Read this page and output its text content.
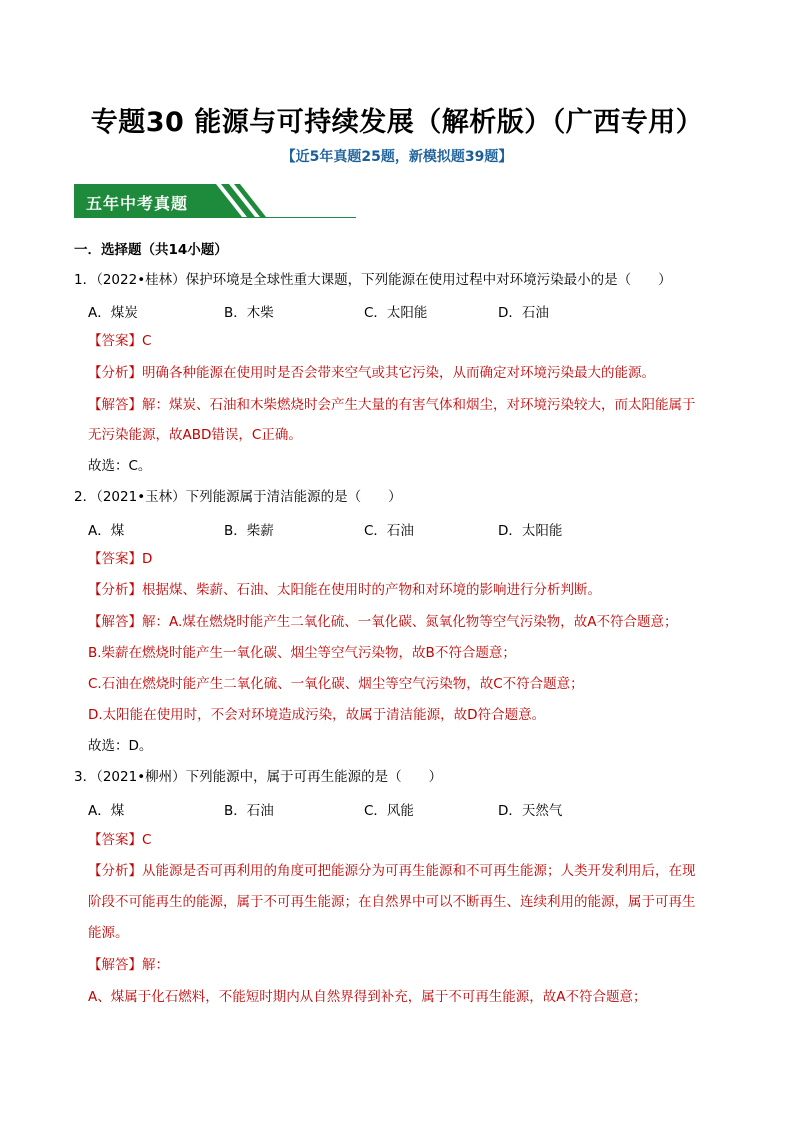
专题30 能源与可持续发展（解析版）（广西专用）
【近5年真题25题，新模拟题39题】
五年中考真题
一．选择题（共14小题）
1．（2022•桂林）保护环境是全球性重大课题，下列能源在使用过程中对环境污染最小的是（　　）
A．煤炭	B．木柴	C．太阳能	D．石油
【答案】C
【分析】明确各种能源在使用时是否会带来空气或其它污染，从而确定对环境污染最大的能源。
【解答】解：煤炭、石油和木柴燃烧时会产生大量的有害气体和烟尘，对环境污染较大，而太阳能属于
无污染能源，故ABD错误，C正确。
故选：C。
2．（2021•玉林）下列能源属于清洁能源的是（　　）
A．煤	B．柴薪	C．石油	D．太阳能
【答案】D
【分析】根据煤、柴薪、石油、太阳能在使用时的产物和对环境的影响进行分析判断。
【解答】解：A.煤在燃烧时能产生二氧化硫、一氧化碳、氮氧化物等空气污染物，故A不符合题意；
B.柴薪在燃烧时能产生一氧化碳、烟尘等空气污染物，故B不符合题意；
C.石油在燃烧时能产生二氧化硫、一氧化碳、烟尘等空气污染物，故C不符合题意；
D.太阳能在使用时，不会对环境造成污染，故属于清洁能源，故D符合题意。
故选：D。
3．（2021•柳州）下列能源中，属于可再生能源的是（　　）
A．煤	B．石油	C．风能	D．天然气
【答案】C
【分析】从能源是否可再利用的角度可把能源分为可再生能源和不可再生能源；人类开发利用后，在现
阶段不可能再生的能源，属于不可再生能源；在自然界中可以不断再生、连续利用的能源，属于可再生
能源。
【解答】解：
A、煤属于化石燃料，不能短时期内从自然界得到补充，属于不可再生能源，故A不符合题意；
